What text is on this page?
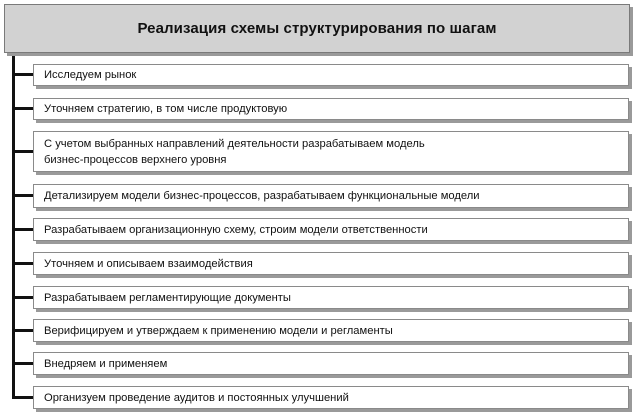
Реализация схемы структурирования по шагам
Исследуем рынок
Уточняем стратегию, в том числе продуктовую
С учетом выбранных направлений деятельности разрабатываем модель
бизнес-процессов верхнего уровня
Детализируем модели бизнес-процессов, разрабатываем функциональные модели
Разрабатываем организационную схему, строим модели ответственности
Уточняем и описываем взаимодействия
Разрабатываем регламентирующие документы
Верифицируем и утверждаем к применению модели и регламенты
Внедряем и применяем
Организуем проведение аудитов и постоянных улучшений
